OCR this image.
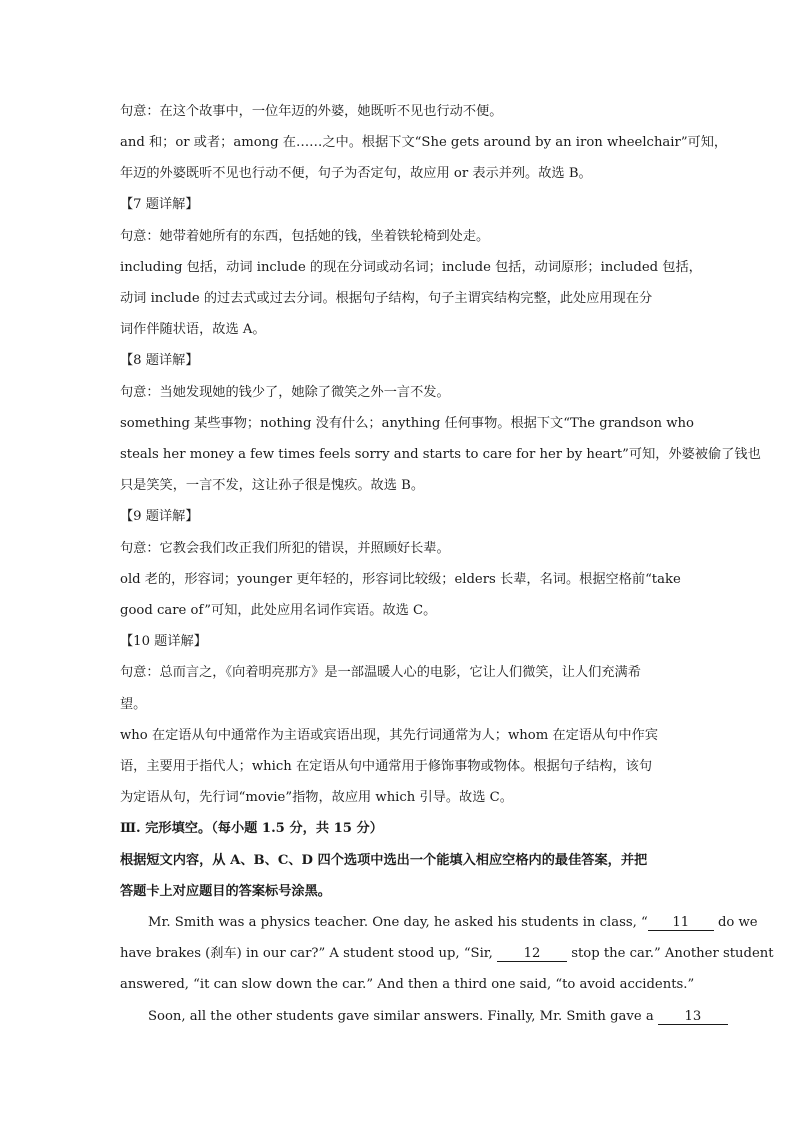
句意：在这个故事中，一位年迈的外婆，她既听不见也行动不便。
and 和；or 或者；among 在……之中。根据下文“She gets around by an iron wheelchair”可知，
年迈的外婆既听不见也行动不便，句子为否定句，故应用 or 表示并列。故选 B。
【7 题详解】
句意：她带着她所有的东西，包括她的钱，坐着铁轮椅到处走。
including 包括，动词 include 的现在分词或动名词；include 包括，动词原形；included 包括，
动词 include 的过去式或过去分词。根据句子结构，句子主谓宾结构完整，此处应用现在分
词作伴随状语，故选 A。
【8 题详解】
句意：当她发现她的钱少了，她除了微笑之外一言不发。
something 某些事物；nothing 没有什么；anything 任何事物。根据下文“The grandson who
steals her money a few times feels sorry and starts to care for her by heart”可知，外婆被偷了钱也
只是笑笑，一言不发，这让孙子很是愧疚。故选 B。
【9 题详解】
句意：它教会我们改正我们所犯的错误，并照顾好长辈。
old 老的，形容词；younger 更年轻的，形容词比较级；elders 长辈，名词。根据空格前“take
good care of”可知，此处应用名词作宾语。故选 C。
【10 题详解】
句意：总而言之，《向着明亮那方》是一部温暖人心的电影，它让人们微笑，让人们充满希
望。
who 在定语从句中通常作为主语或宾语出现，其先行词通常为人；whom 在定语从句中作宾
语，主要用于指代人；which 在定语从句中通常用于修饰事物或物体。根据句子结构，该句
为定语从句，先行词“movie”指物，故应用 which 引导。故选 C。
Ⅲ. 完形填空。（每小题 1.5 分，共 15 分）
根据短文内容，从 A、B、C、D 四个选项中选出一个能填入相应空格内的最佳答案，并把
答题卡上对应题目的答案标号涂黑。
Mr. Smith was a physics teacher. One day, he asked his students in class, “ 11 do we
have brakes (刹车) in our car?” A student stood up, “Sir, 12 stop the car.” Another student
answered, “it can slow down the car.” And then a third one said, “to avoid accidents.”
Soon, all the other students gave similar answers. Finally, Mr. Smith gave a 13
